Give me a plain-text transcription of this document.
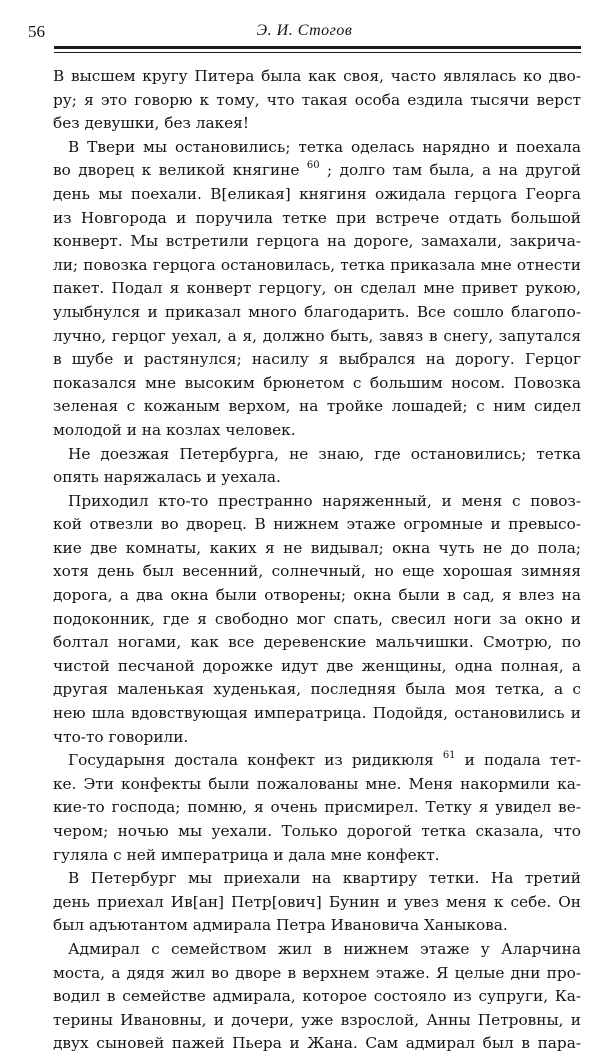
56	Э. И. Стогов
В высшем кругу Питера была как своя, часто являлась ко дво-
ру; я это говорю к тому, что такая особа ездила тысячи верст
без девушки, без лакея!
В Твери мы остановились; тетка оделась нарядно и поехала
во дворец к великой княгине $^{60}$ ; долго там была, а на другой
день мы поехали. В[еликая] княгиня ожидала герцога Георга
из Новгорода и поручила тетке при встрече отдать большой
конверт. Мы встретили герцога на дороге, замахали, закрича-
ли; повозка герцога остановилась, тетка приказала мне отнести
пакет. Подал я конверт герцогу, он сделал мне привет рукою,
улыбнулся и приказал много благодарить. Все сошло благопо-
лучно, герцог уехал, а я, должно быть, завяз в снегу, запутался
в шубе и растянулся; насилу я выбрался на дорогу. Герцог
показался мне высоким брюнетом с большим носом. Повозка
зеленая с кожаным верхом, на тройке лошадей; с ним сидел
молодой и на козлах человек.
Не доезжая Петербурга, не знаю, где остановились; тетка
опять наряжалась и уехала.
Приходил кто-то престранно наряженный, и меня с повоз-
кой отвезли во дворец. В нижнем этаже огромные и превысо-
кие две комнаты, каких я не видывал; окна чуть не до пола;
хотя день был весенний, солнечный, но еще хорошая зимняя
дорога, а два окна были отворены; окна были в сад, я влез на
подоконник, где я свободно мог спать, свесил ноги за окно и
болтал ногами, как все деревенские мальчишки. Смотрю, по
чистой песчаной дорожке идут две женщины, одна полная, а
другая маленькая худенькая, последняя была моя тетка, а с
нею шла вдовствующая императрица. Подойдя, остановились и
что-то говорили.
Государыня достала конфект из ридикюля $^{61}$ и подала тет-
ке. Эти конфекты были пожалованы мне. Меня накормили ка-
кие-то господа; помню, я очень присмирел. Тетку я увидел ве-
чером; ночью мы уехали. Только дорогой тетка сказала, что
гуляла с ней императрица и дала мне конфект.
В Петербург мы приехали на квартиру тетки. На третий
день приехал Ив[ан] Петр[ович] Бунин и увез меня к себе. Он
был адъютантом адмирала Петра Ивановича Ханыкова.
Адмирал с семейством жил в нижнем этаже у Аларчина
моста, а дядя жил во дворе в верхнем этаже. Я целые дни про-
водил в семействе адмирала, которое состояло из супруги, Ка-
терины Ивановны, и дочери, уже взрослой, Анны Петровны, и
двух сыновей пажей Пьера и Жана. Сам адмирал был в пара-
